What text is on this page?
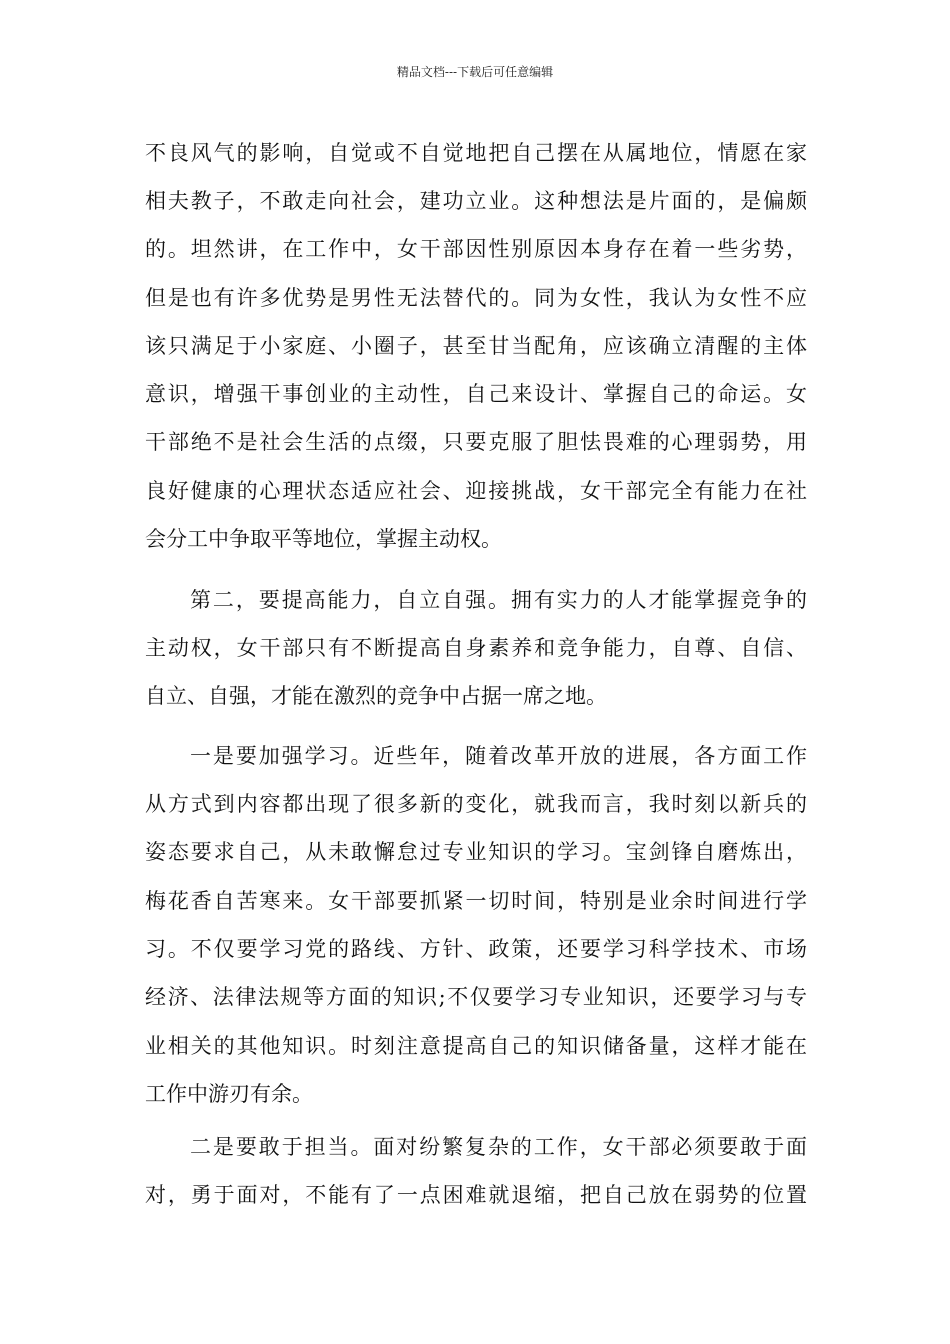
精品文档---下载后可任意编辑
不良风气的影响，自觉或不自觉地把自己摆在从属地位，情愿在家
相夫教子，不敢走向社会，建功立业。这种想法是片面的，是偏颇
的。坦然讲，在工作中，女干部因性别原因本身存在着一些劣势，
但是也有许多优势是男性无法替代的。同为女性，我认为女性不应
该只满足于小家庭、小圈子，甚至甘当配角，应该确立清醒的主体
意识，增强干事创业的主动性，自己来设计、掌握自己的命运。女
干部绝不是社会生活的点缀，只要克服了胆怯畏难的心理弱势，用
良好健康的心理状态适应社会、迎接挑战，女干部完全有能力在社
会分工中争取平等地位，掌握主动权。
第二，要提高能力，自立自强。拥有实力的人才能掌握竞争的
主动权，女干部只有不断提高自身素养和竞争能力，自尊、自信、
自立、自强，才能在激烈的竞争中占据一席之地。
一是要加强学习。近些年，随着改革开放的进展，各方面工作
从方式到内容都出现了很多新的变化，就我而言，我时刻以新兵的
姿态要求自己，从未敢懈怠过专业知识的学习。宝剑锋自磨炼出，
梅花香自苦寒来。女干部要抓紧一切时间，特别是业余时间进行学
习。不仅要学习党的路线、方针、政策，还要学习科学技术、市场
经济、法律法规等方面的知识;不仅要学习专业知识，还要学习与专
业相关的其他知识。时刻注意提高自己的知识储备量，这样才能在
工作中游刃有余。
二是要敢于担当。面对纷繁复杂的工作，女干部必须要敢于面
对，勇于面对，不能有了一点困难就退缩，把自己放在弱势的位置
